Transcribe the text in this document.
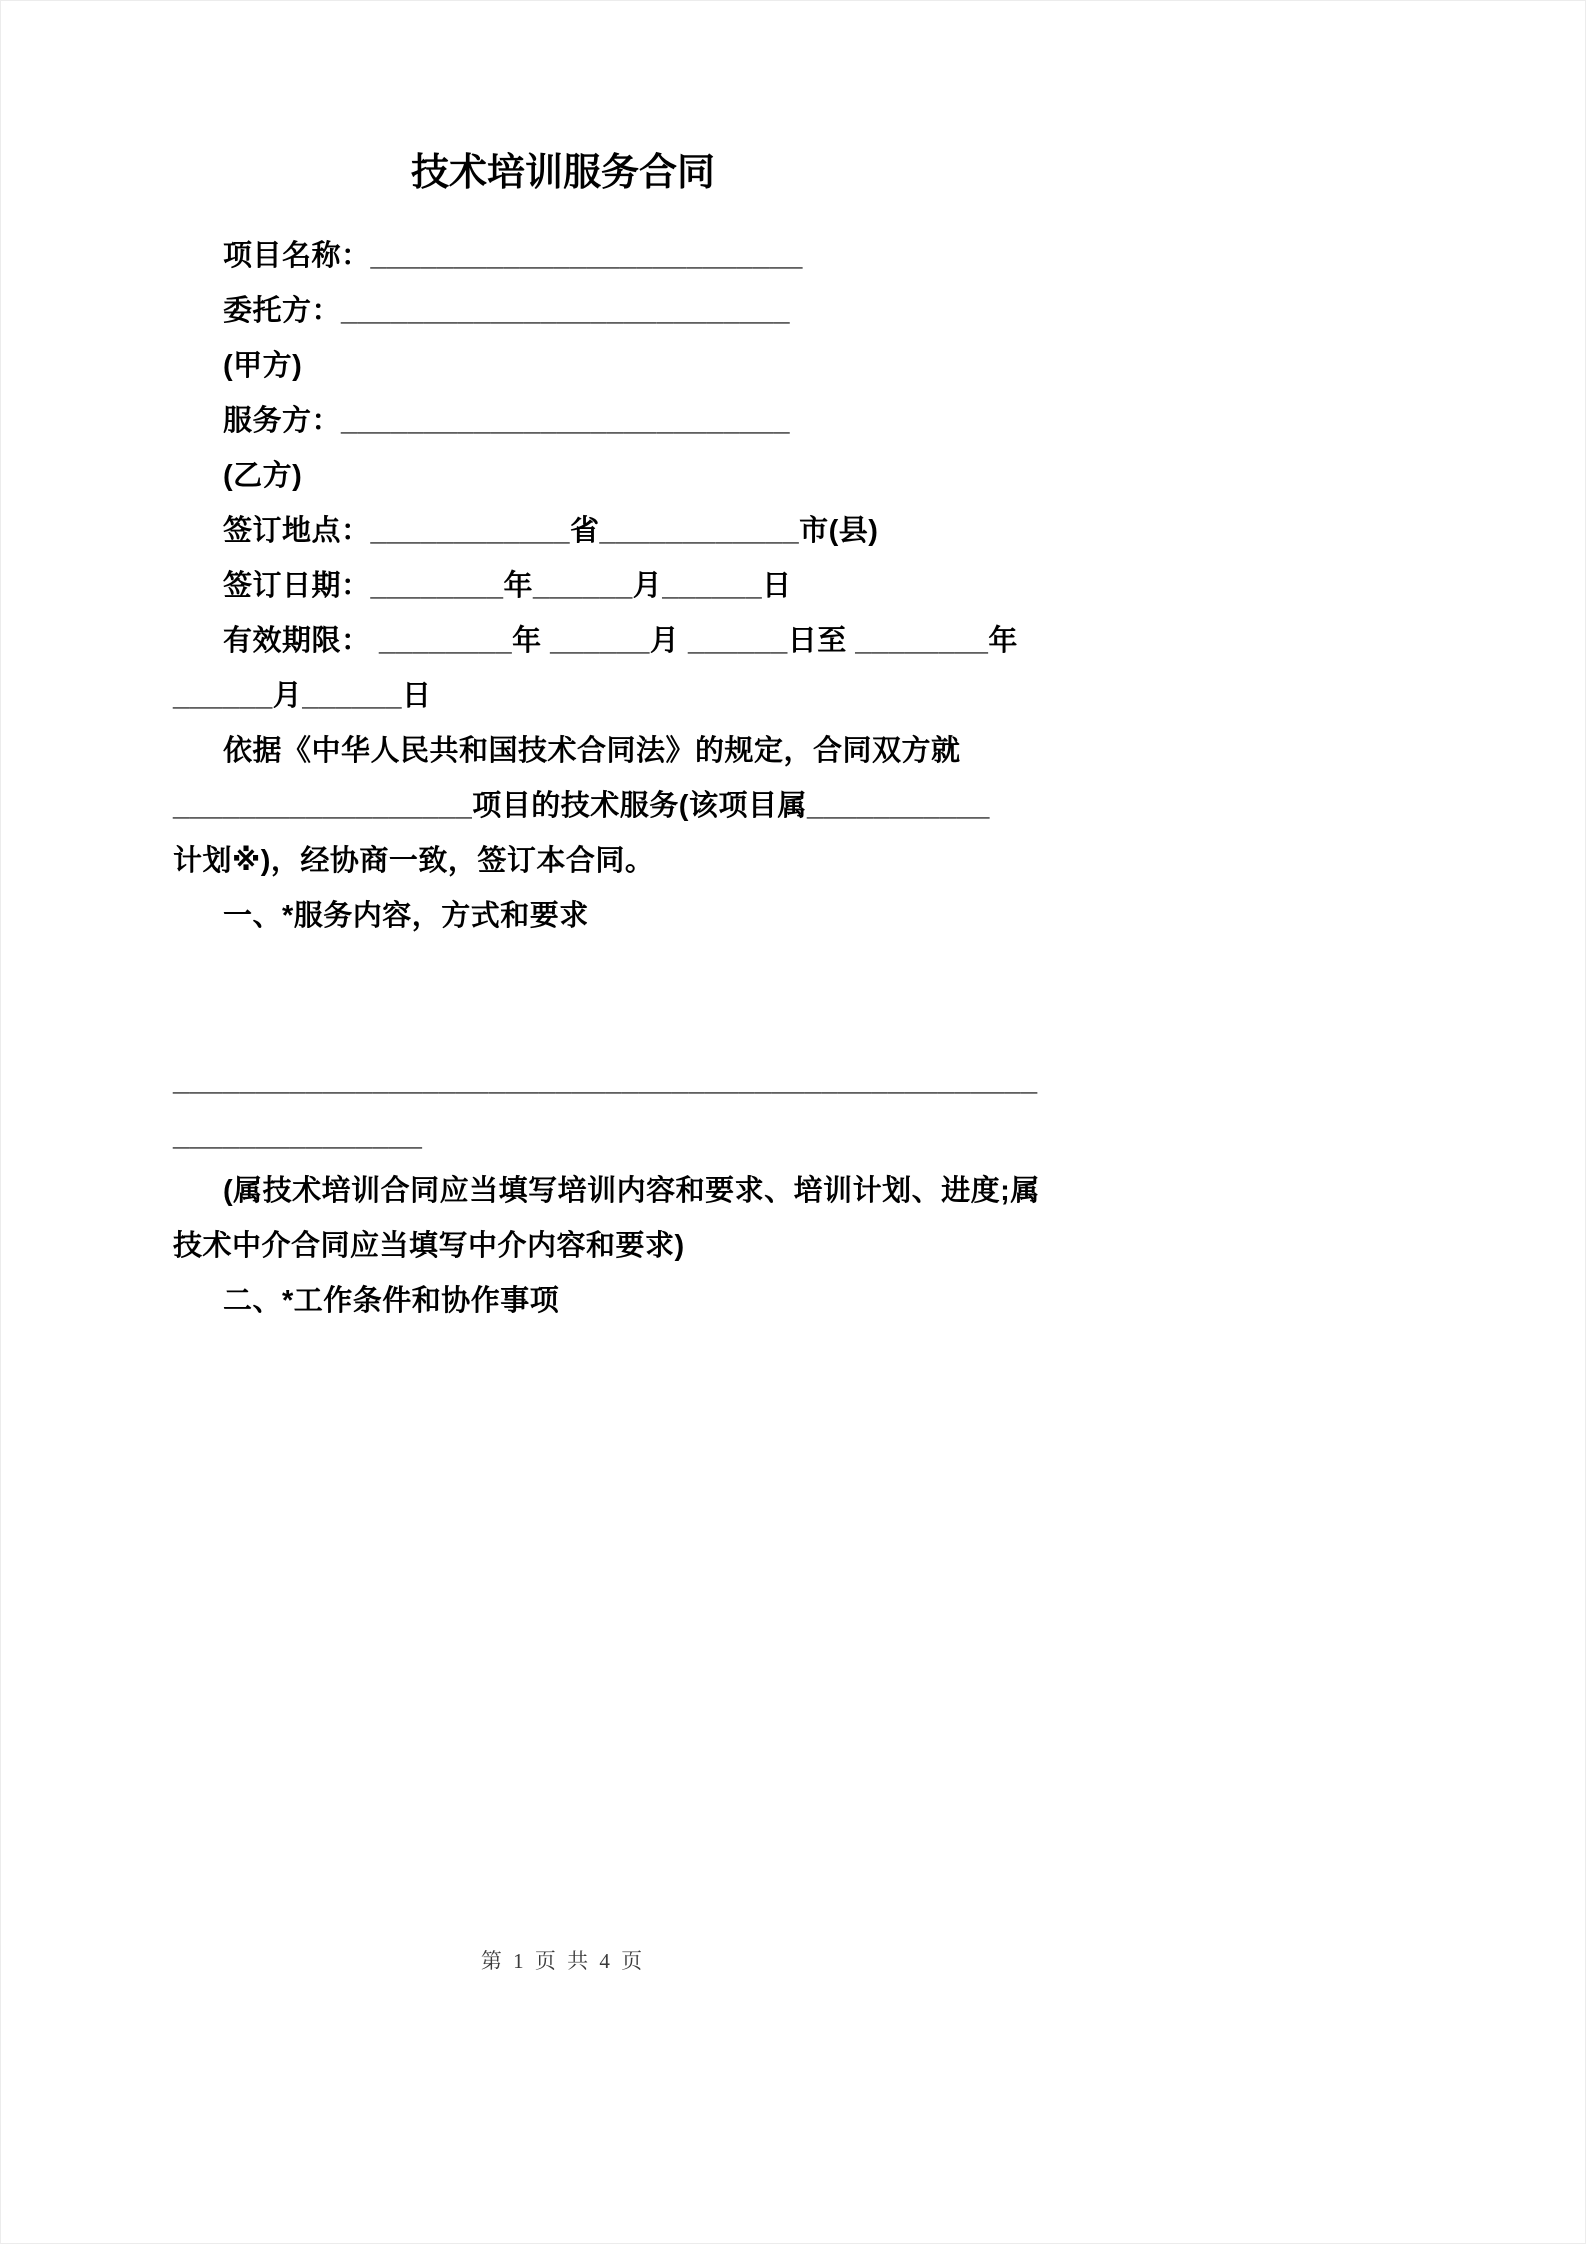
技术培训服务合同
项目名称：__________________________
委托方：___________________________
(甲方)
服务方：___________________________
(乙方)
签订地点：____________省____________市(县)
签订日期：________年______月______日
有效期限： ________年 ______月 ______日至 ________年
______月______日
依据《中华人民共和国技术合同法》的规定，合同双方就
__________________项目的技术服务(该项目属___________
计划※)，经协商一致，签订本合同。
一、*服务内容，方式和要求
____________________________________________________
_______________
(属技术培训合同应当填写培训内容和要求、培训计划、进度;属
技术中介合同应当填写中介内容和要求)
二、*工作条件和协作事项
第 1 页 共 4 页
